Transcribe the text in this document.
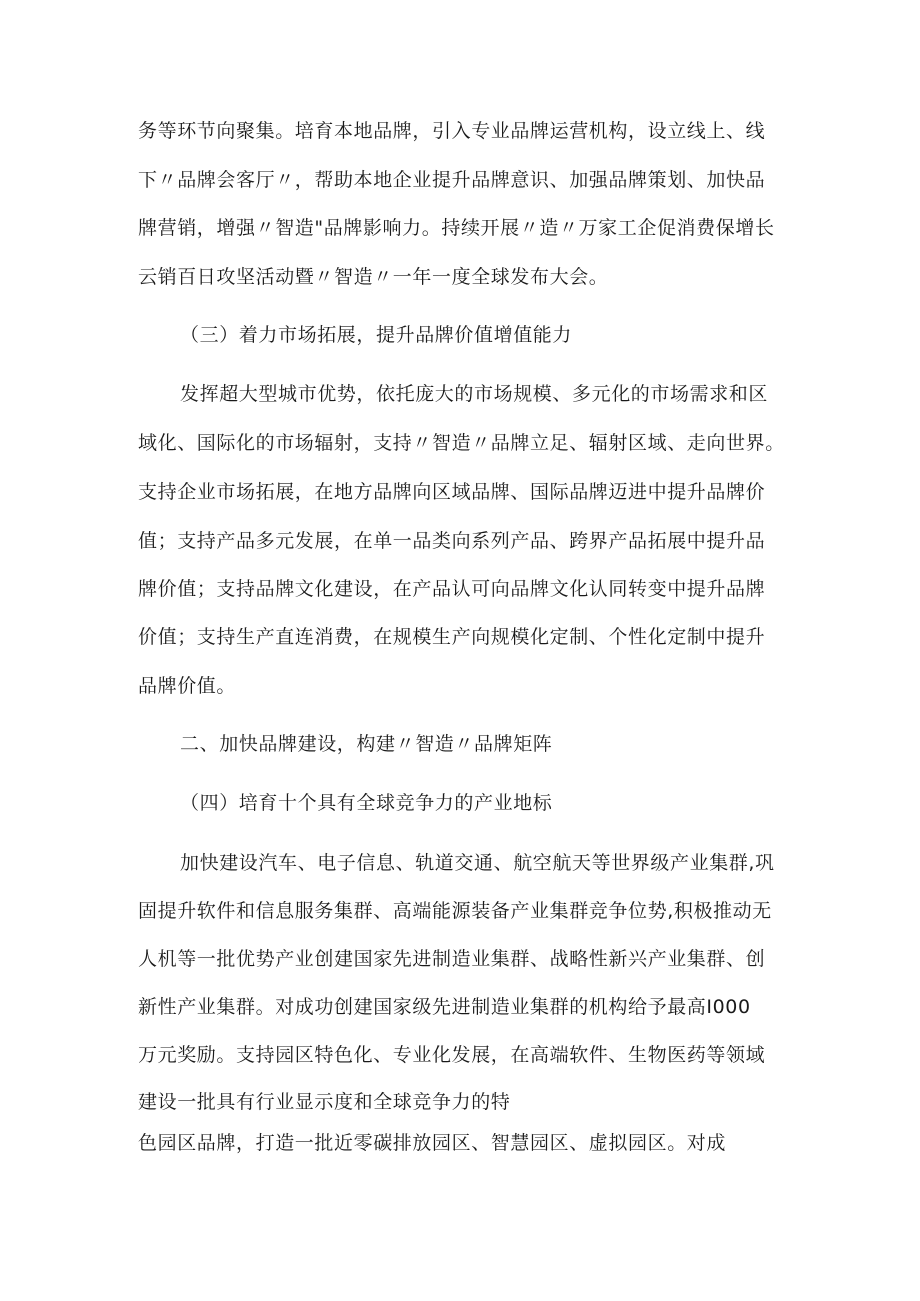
务等环节向聚集。培育本地品牌，引入专业品牌运营机构，设立线上、线
下〃品牌会客厅〃，帮助本地企业提升品牌意识、加强品牌策划、加快品
牌营销，增强〃智造"品牌影响力。持续开展〃造〃万家工企促消费保增长
云销百日攻坚活动暨〃智造〃一年一度全球发布大会。
（三）着力市场拓展，提升品牌价值增值能力
发挥超大型城市优势，依托庞大的市场规模、多元化的市场需求和区
域化、国际化的市场辐射，支持〃智造〃品牌立足、辐射区域、走向世界。
支持企业市场拓展，在地方品牌向区域品牌、国际品牌迈进中提升品牌价
值；支持产品多元发展，在单一品类向系列产品、跨界产品拓展中提升品
牌价值；支持品牌文化建设，在产品认可向品牌文化认同转变中提升品牌
价值；支持生产直连消费，在规模生产向规模化定制、个性化定制中提升
品牌价值。
二、加快品牌建设，构建〃智造〃品牌矩阵
（四）培育十个具有全球竞争力的产业地标
加快建设汽车、电子信息、轨道交通、航空航天等世界级产业集群,巩
固提升软件和信息服务集群、高端能源装备产业集群竞争位势,积极推动无
人机等一批优势产业创建国家先进制造业集群、战略性新兴产业集群、创
新性产业集群。对成功创建国家级先进制造业集群的机构给予最高I000
万元奖励。支持园区特色化、专业化发展，在高端软件、生物医药等领域
建设一批具有行业显示度和全球竞争力的特
色园区品牌，打造一批近零碳排放园区、智慧园区、虚拟园区。对成
